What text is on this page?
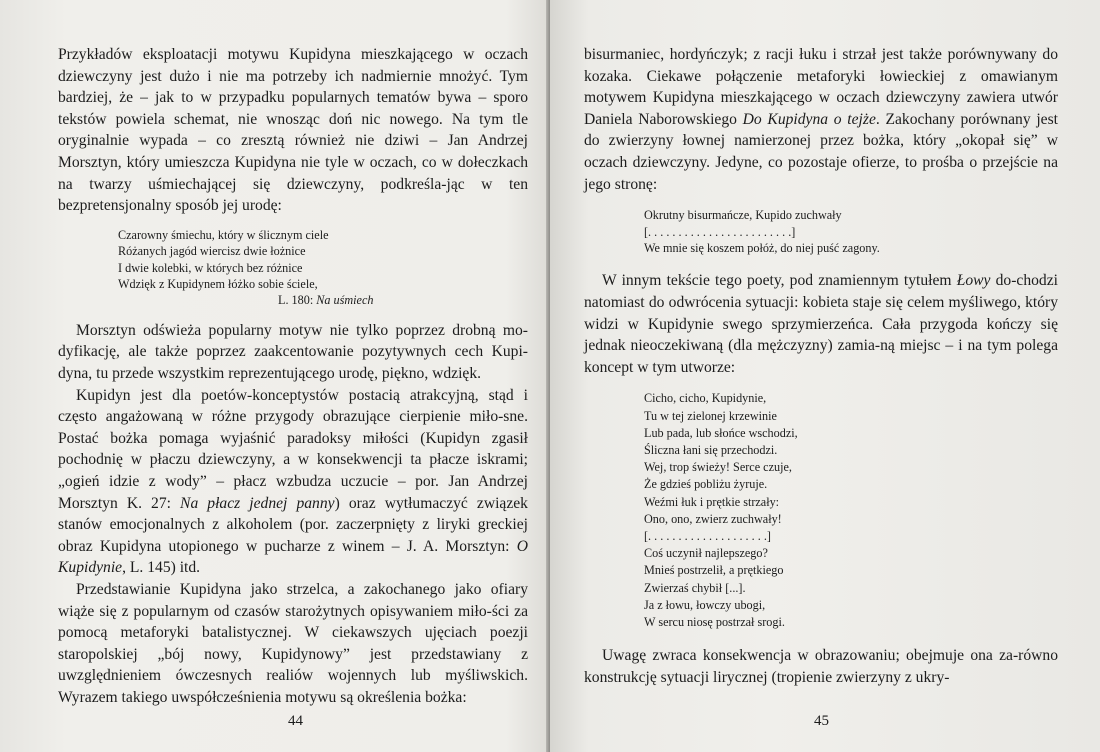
Przykładów eksploatacji motywu Kupidyna mieszkającego w oczach dziewczyny jest dużo i nie ma potrzeby ich nadmiernie mnożyć. Tym bardziej, że – jak to w przypadku popularnych tematów bywa – sporo tekstów powiela schemat, nie wnosząc doń nic nowego. Na tym tle oryginalnie wypada – co zresztą również nie dziwi – Jan Andrzej Morsztyn, który umieszcza Kupidyna nie tyle w oczach, co w dołeczkach na twarzy uśmiechającej się dziewczyny, podkreśla-jąc w ten bezpretensjonalny sposób jej urodę:

Czarowny śmiechu, który w ślicznym ciele
Różanych jagód wiercisz dwie łożnice
I dwie kolebki, w których bez różnice
Wdzięk z Kupidynem łóżko sobie ściele,
L. 180: Na uśmiech

Morsztyn odświeża popularny motyw nie tylko poprzez drobną mo-dyfikację, ale także poprzez zaakcentowanie pozytywnych cech Kupi-dyna, tu przede wszystkim reprezentującego urodę, piękno, wdzięk.

Kupidyn jest dla poetów-konceptystów postacią atrakcyjną, stąd i często angażowaną w różne przygody obrazujące cierpienie miło-sne. Postać bożka pomaga wyjaśnić paradoksy miłości (Kupidyn zgasił pochodnię w płaczu dziewczyny, a w konsekwencji ta płacze iskrami; „ogień idzie z wody” – płacz wzbudza uczucie – por. Jan Andrzej Morsztyn K. 27: Na płacz jednej panny) oraz wytłumaczyć związek stanów emocjonalnych z alkoholem (por. zaczerpnięty z liryki greckiej obraz Kupidyna utopionego w pucharze z winem – J. A. Morsztyn: O Kupidynie, L. 145) itd.

Przedstawianie Kupidyna jako strzelca, a zakochanego jako ofiary wiąże się z popularnym od czasów starożytnych opisywaniem miło-ści za pomocą metaforyki batalistycznej. W ciekawszych ujęciach poezji staropolskiej „bój nowy, Kupidynowy” jest przedstawiany z uwzględnieniem ówczesnych realiów wojennych lub myśliwskich. Wyrazem takiego uwspółcześnienia motywu są określenia bożka:

44

bisurmaniec, hordyńczyk; z racji łuku i strzał jest także porównywany do kozaka. Ciekawe połączenie metaforyki łowieckiej z omawianym motywem Kupidyna mieszkającego w oczach dziewczyny zawiera utwór Daniela Naborowskiego Do Kupidyna o tejże. Zakochany porównany jest do zwierzyny łownej namierzonej przez bożka, który „okopał się” w oczach dziewczyny. Jedyne, co pozostaje ofierze, to prośba o przejście na jego stronę:

Okrutny bisurmańcze, Kupido zuchwały
[. . . . . . . . . . . . . . . . . . . . . . . .]
We mnie się koszem połóż, do niej puść zagony.

W innym tekście tego poety, pod znamiennym tytułem Łowy do-chodzi natomiast do odwrócenia sytuacji: kobieta staje się celem myśliwego, który widzi w Kupidynie swego sprzymierzeńca. Cała przygoda kończy się jednak nieoczekiwaną (dla mężczyzny) zamia-ną miejsc – i na tym polega koncept w tym utworze:

Cicho, cicho, Kupidynie,
Tu w tej zielonej krzewinie
Lub pada, lub słońce wschodzi,
Śliczna łani się przechodzi.
Wej, trop świeży! Serce czuje,
Że gdzieś pobliżu żyruje.
Weźmi łuk i prętkie strzały:
Ono, ono, zwierz zuchwały!
[. . . . . . . . . . . . . . . . . . . .]
Coś uczynił najlepszego?
Mnieś postrzelił, a prętkiego
Zwierzaś chybił [...].
Ja z łowu, łowczy ubogi,
W sercu niosę postrzał srogi.

Uwagę zwraca konsekwencja w obrazowaniu; obejmuje ona za-równo konstrukcję sytuacji lirycznej (tropienie zwierzyny z ukry-

45
